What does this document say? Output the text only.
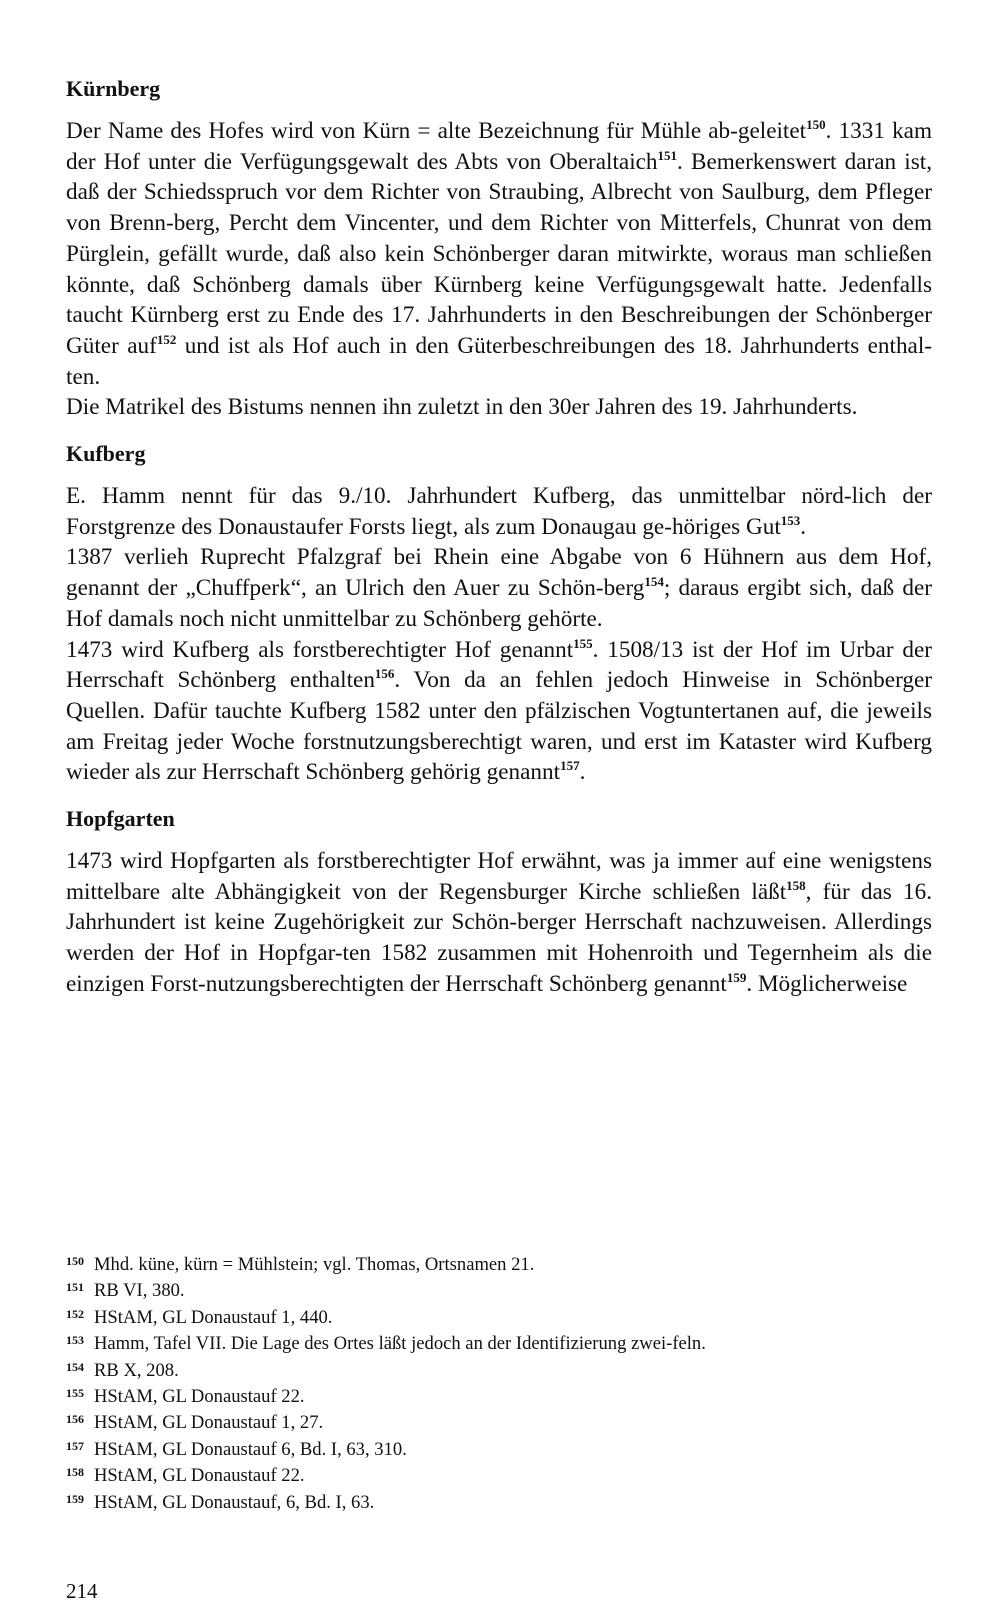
Kürnberg

Der Name des Hofes wird von Kürn = alte Bezeichnung für Mühle ab-geleitet$^{150}$. 1331 kam der Hof unter die Verfügungsgewalt des Abts von Oberaltaich$^{151}$. Bemerkenswert daran ist, daß der Schiedsspruch vor dem Richter von Straubing, Albrecht von Saulburg, dem Pfleger von Brenn-berg, Percht dem Vincenter, und dem Richter von Mitterfels, Chunrat von dem Pürglein, gefällt wurde, daß also kein Schönberger daran mitwirkte, woraus man schließen könnte, daß Schönberg damals über Kürnberg keine Verfügungsgewalt hatte. Jedenfalls taucht Kürnberg erst zu Ende des 17. Jahrhunderts in den Beschreibungen der Schönberger Güter auf$^{152}$ und ist als Hof auch in den Güterbeschreibungen des 18. Jahrhunderts enthal-ten.

Die Matrikel des Bistums nennen ihn zuletzt in den 30er Jahren des 19. Jahrhunderts.

Kufberg

E. Hamm nennt für das 9./10. Jahrhundert Kufberg, das unmittelbar nörd-lich der Forstgrenze des Donaustaufer Forsts liegt, als zum Donaugau ge-höriges Gut$^{153}$.

1387 verlieh Ruprecht Pfalzgraf bei Rhein eine Abgabe von 6 Hühnern aus dem Hof, genannt der „Chuffperk“, an Ulrich den Auer zu Schön-berg$^{154}$; daraus ergibt sich, daß der Hof damals noch nicht unmittelbar zu Schönberg gehörte.

1473 wird Kufberg als forstberechtigter Hof genannt$^{155}$. 1508/13 ist der Hof im Urbar der Herrschaft Schönberg enthalten$^{156}$. Von da an fehlen jedoch Hinweise in Schönberger Quellen. Dafür tauchte Kufberg 1582 unter den pfälzischen Vogtuntertanen auf, die jeweils am Freitag jeder Woche forstnutzungsberechtigt waren, und erst im Kataster wird Kufberg wieder als zur Herrschaft Schönberg gehörig genannt$^{157}$.

Hopfgarten

1473 wird Hopfgarten als forstberechtigter Hof erwähnt, was ja immer auf eine wenigstens mittelbare alte Abhängigkeit von der Regensburger Kirche schließen läßt$^{158}$, für das 16. Jahrhundert ist keine Zugehörigkeit zur Schön-berger Herrschaft nachzuweisen. Allerdings werden der Hof in Hopfgar-ten 1582 zusammen mit Hohenroith und Tegernheim als die einzigen Forst-nutzungsberechtigten der Herrschaft Schönberg genannt$^{159}$. Möglicherweise

150 Mhd. küne, kürn = Mühlstein; vgl. Thomas, Ortsnamen 21.

151 RB VI, 380.

152 HStAM, GL Donaustauf 1, 440.

153 Hamm, Tafel VII. Die Lage des Ortes läßt jedoch an der Identifizierung zwei-feln.

154 RB X, 208.

155 HStAM, GL Donaustauf 22.

156 HStAM, GL Donaustauf 1, 27.

157 HStAM, GL Donaustauf 6, Bd. I, 63, 310.

158 HStAM, GL Donaustauf 22.

159 HStAM, GL Donaustauf, 6, Bd. I, 63.

214
